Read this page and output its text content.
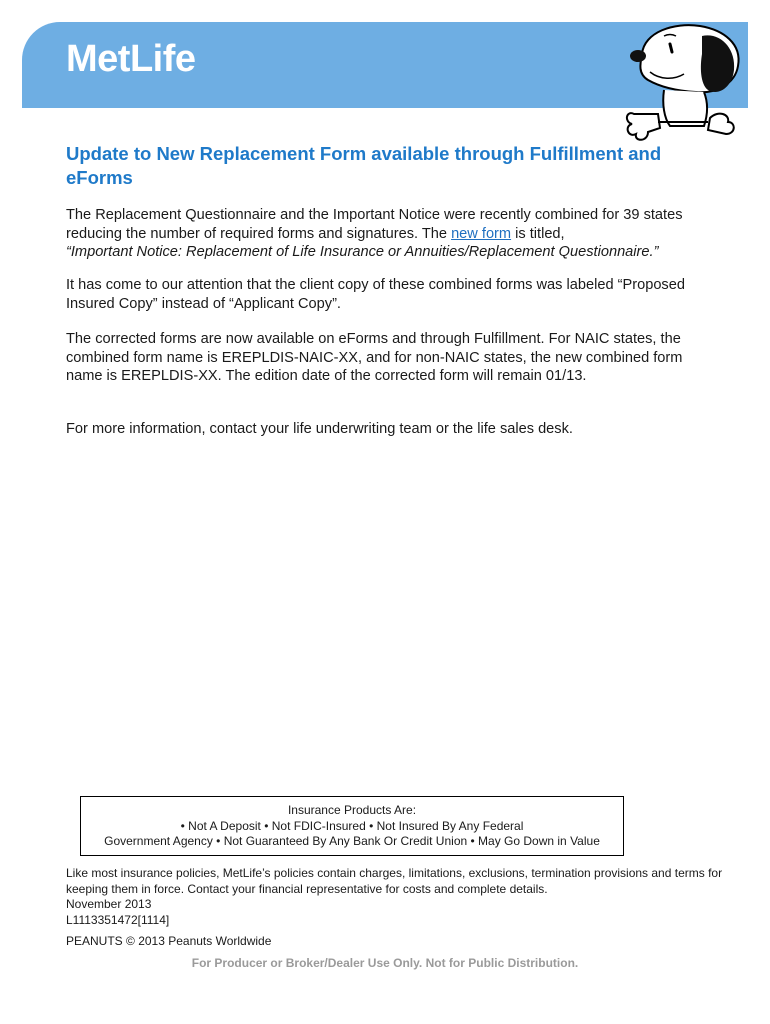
MetLife
Update to New Replacement Form available through Fulfillment and eForms

The Replacement Questionnaire and the Important Notice were recently combined for 39 states reducing the number of required forms and signatures. The new form is titled,
“Important Notice: Replacement of Life Insurance or Annuities/Replacement Questionnaire.”

It has come to our attention that the client copy of these combined forms was labeled “Proposed Insured Copy” instead of “Applicant Copy”.

The corrected forms are now available on eForms and through Fulfillment. For NAIC states, the combined form name is EREPLDIS-NAIC-XX, and for non-NAIC states, the new combined form name is EREPLDIS-XX. The edition date of the corrected form will remain 01/13.

For more information, contact your life underwriting team or the life sales desk.

Insurance Products Are:
• Not A Deposit • Not FDIC-Insured • Not Insured By Any Federal
Government Agency • Not Guaranteed By Any Bank Or Credit Union • May Go Down in Value
Like most insurance policies, MetLife’s policies contain charges, limitations, exclusions, termination provisions and terms for keeping them in force. Contact your financial representative for costs and complete details.
November 2013
L1113351472[1114]
PEANUTS © 2013 Peanuts Worldwide
For Producer or Broker/Dealer Use Only. Not for Public Distribution.
